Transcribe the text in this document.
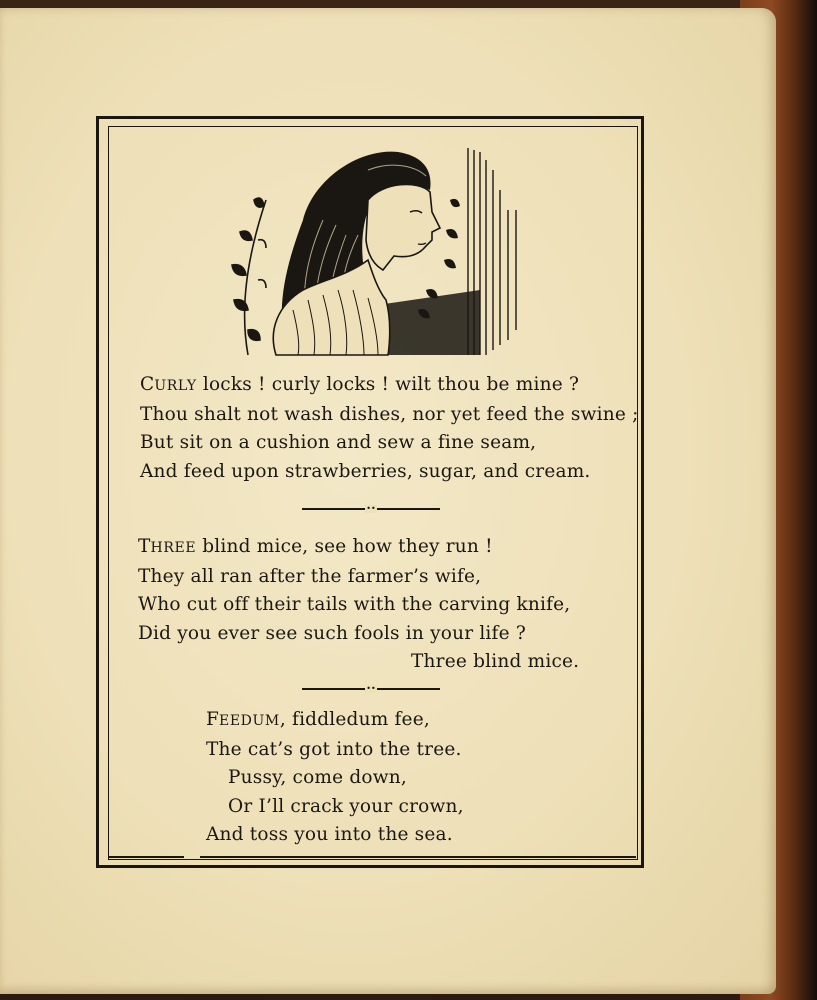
CURLY locks ! curly locks ! wilt thou be mine ?
Thou shalt not wash dishes, nor yet feed the swine ;
But sit on a cushion and sew a fine seam,
And feed upon strawberries, sugar, and cream.
••
THREE blind mice, see how they run !
They all ran after the farmer’s wife,
Who cut off their tails with the carving knife,
Did you ever see such fools in your life ?
Three blind mice.
••
FEEDUM, fiddledum fee,
The cat’s got into the tree.
Pussy, come down,
Or I’ll crack your crown,
And toss you into the sea.
